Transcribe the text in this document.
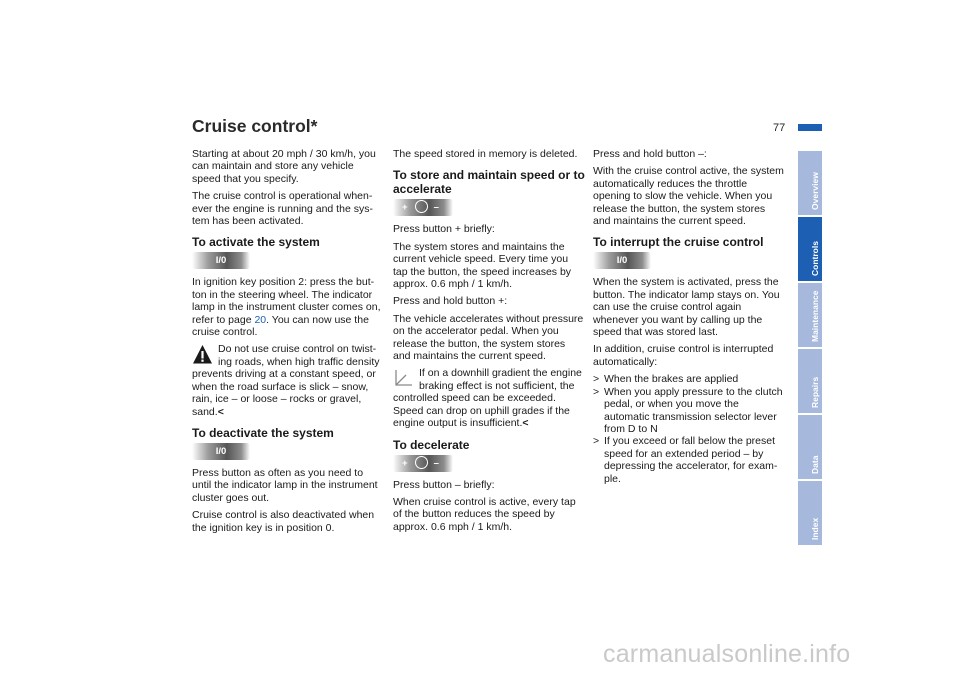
Cruise control*	77

Starting at about 20 mph / 30 km/h, you can maintain and store any vehicle speed that you specify.

The cruise control is operational whenever the engine is running and the system has been activated.

To activate the system
I/0

In ignition key position 2: press the button in the steering wheel. The indicator lamp in the instrument cluster comes on, refer to page 20. You can now use the cruise control.

Do not use cruise control on twisting roads, when high traffic density prevents driving at a constant speed, or when the road surface is slick – snow, rain, ice – or loose – rocks or gravel, sand.<
To deactivate the system
I/0

Press button as often as you need to until the indicator lamp in the instrument cluster goes out.

Cruise control is also deactivated when the ignition key is in position 0.

The speed stored in memory is deleted.

To store and maintain speed or to accelerate
+	–

Press button + briefly:

The system stores and maintains the current vehicle speed. Every time you tap the button, the speed increases by approx. 0.6 mph / 1 km/h.

Press and hold button +:

The vehicle accelerates without pressure on the accelerator pedal. When you release the button, the system stores and maintains the current speed.

If on a downhill gradient the engine braking effect is not sufficient, the controlled speed can be exceeded. Speed can drop on uphill grades if the engine output is insufficient.<
To decelerate
+	–

Press button – briefly:

When cruise control is active, every tap of the button reduces the speed by approx. 0.6 mph / 1 km/h.

Press and hold button –:

With the cruise control active, the system automatically reduces the throttle opening to slow the vehicle. When you release the button, the system stores and maintains the current speed.

To interrupt the cruise control
I/0

When the system is activated, press the button. The indicator lamp stays on. You can use the cruise control again whenever you want by calling up the speed that was stored last.

In addition, cruise control is interrupted automatically:

> When the brakes are applied
> When you apply pressure to the clutch pedal, or when you move the automatic transmission selector lever from D to N
> If you exceed or fall below the preset speed for an extended period – by depressing the accelerator, for example.
Overview
Controls
Maintenance
Repairs
Data
Index
carmanualsonline.info
